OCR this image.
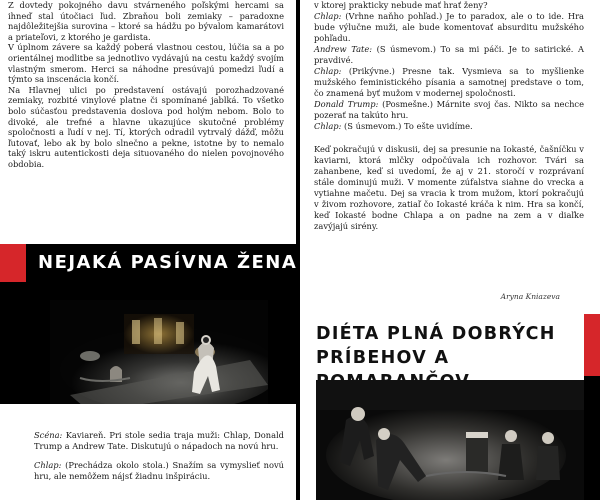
Z dovtedy pokojného davu stvárneného poľskými hercami sa ihneď stal útočiaci ľud. Zbraňou boli zemiaky – paradoxne najdôležitejšia surovina – ktoré sa hádžu po bývalom kamarátovi a priateľovi, z ktorého je gardista.

V úplnom závere sa každý poberá vlastnou cestou, lúčia sa a po orientálnej modlitbe sa jednotlivo vydávajú na cestu každý svojím vlastným smerom. Herci sa náhodne presúvajú pomedzi ľudí a týmto sa inscenácia končí.

Na Hlavnej ulici po predstavení ostávajú porozhadzované zemiaky, rozbité vinylové platne či spomínané jablká. To všetko bolo súčasťou predstavenia doslova pod holým nebom. Bolo to divoké, ale trefné a hlavne ukazujúce skutočné problémy spoločnosti a ľudí v nej. Tí, ktorých odradil vytrvalý dážď, môžu ľutovať, lebo ak by bolo slnečno a pekne, istotne by to nemalo taký iskru autentickosti deja situovaného do nielen povojnového obdobia.

NEJAKÁ PASÍVNA ŽENA

Scéna: Kaviareň. Pri stole sedia traja muži: Chlap, Donald Trump a Andrew Tate. Diskutujú o nápadoch na novú hru.

Chlap: (Prechádza okolo stola.) Snažím sa vymyslieť novú hru, ale nemôžem nájsť žiadnu inšpiráciu.

v ktorej prakticky nebude mať hrať ženy?

Chlap: (Vrhne naňho pohľad.) Je to paradox, ale o to ide. Hra bude výlučne muži, ale bude komentovať absurditu mužského pohľadu.

Andrew Tate: (S úsmevom.) To sa mi páči. Je to satirické. A pravdivé.

Chlap: (Prikývne.) Presne tak. Vysmieva sa to myšlienke mužského feministického písania a samotnej predstave o tom, čo znamená byť mužom v modernej spoločnosti.

Donald Trump: (Posmešne.) Márnite svoj čas. Nikto sa nechce pozerať na takúto hru.

Chlap: (S úsmevom.) To ešte uvidíme.

Keď pokračujú v diskusii, dej sa presunie na Iokasté, čašníčku v kaviarni, ktorá mlčky odpočúvala ich rozhovor. Tvári sa zahanbene, keď si uvedomí, že aj v 21. storočí v rozprávaní stále dominujú muži. V momente zúfalstva siahne do vrecka a vytiahne mačetu. Dej sa vracia k trom mužom, ktorí pokračujú v živom rozhovore, zatiaľ čo Iokasté kráča k nim. Hra sa končí, keď Iokasté bodne Chlapa a on padne na zem a v diaľke zavýjajú sirény.

Aryna Kniazeva
DIÉTA PLNÁ DOBRÝCH
PRÍBEHOV A
